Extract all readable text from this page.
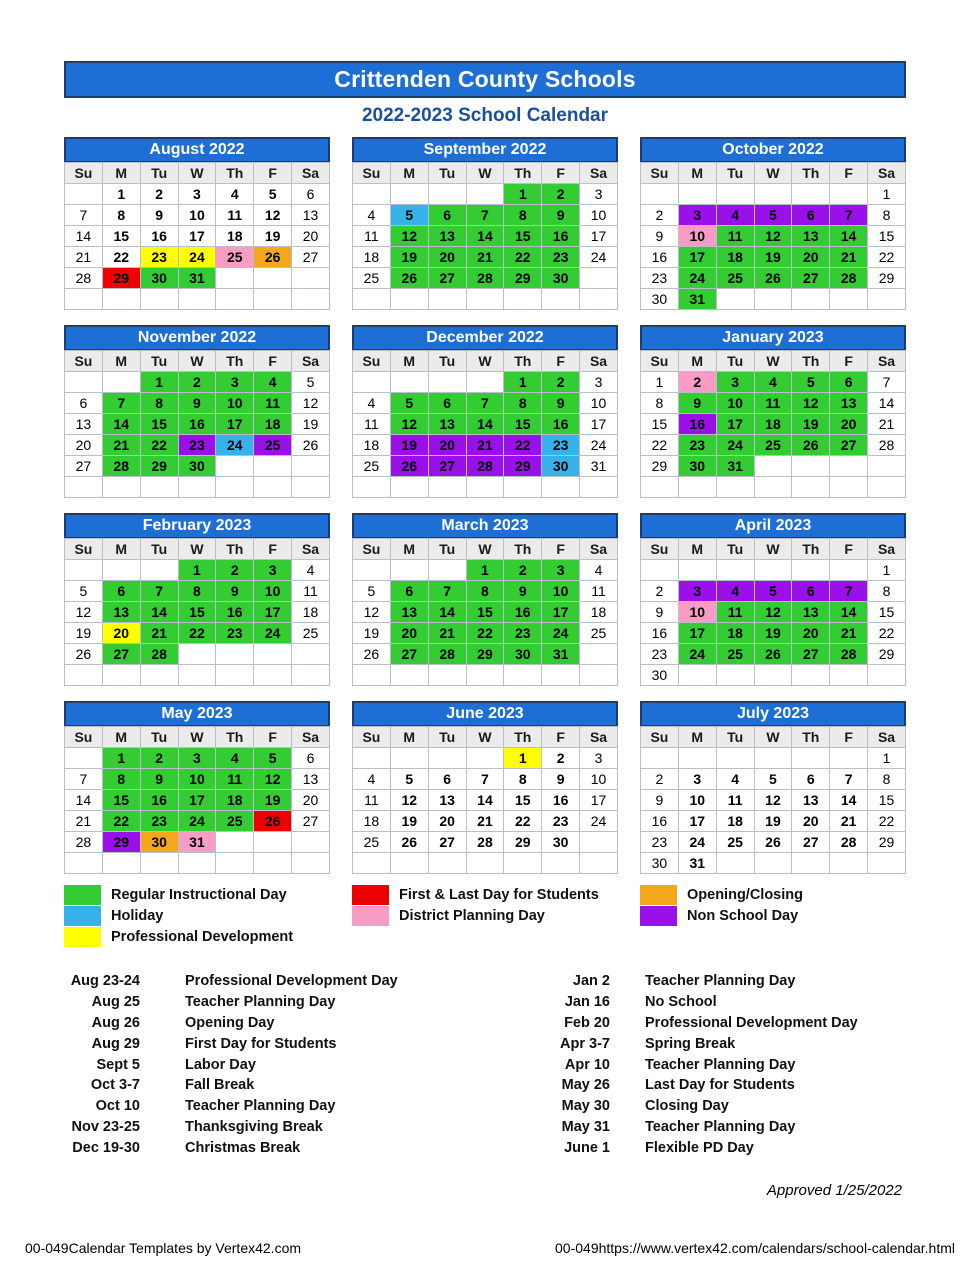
Crittenden County Schools
2022-2023 School Calendar
August 2022
Su	M	Tu	W	Th	F	Sa
	1	2	3	4	5	6
7	8	9	10	11	12	13
14	15	16	17	18	19	20
21	22	23	24	25	26	27
28	29	30	31			

September 2022
Su	M	Tu	W	Th	F	Sa
				1	2	3
4	5	6	7	8	9	10
11	12	13	14	15	16	17
18	19	20	21	22	23	24
25	26	27	28	29	30	

October 2022
Su	M	Tu	W	Th	F	Sa
						1
2	3	4	5	6	7	8
9	10	11	12	13	14	15
16	17	18	19	20	21	22
23	24	25	26	27	28	29
30	31					
November 2022
Su	M	Tu	W	Th	F	Sa
		1	2	3	4	5
6	7	8	9	10	11	12
13	14	15	16	17	18	19
20	21	22	23	24	25	26
27	28	29	30			

December 2022
Su	M	Tu	W	Th	F	Sa
				1	2	3
4	5	6	7	8	9	10
11	12	13	14	15	16	17
18	19	20	21	22	23	24
25	26	27	28	29	30	31

January 2023
Su	M	Tu	W	Th	F	Sa
1	2	3	4	5	6	7
8	9	10	11	12	13	14
15	16	17	18	19	20	21
22	23	24	25	26	27	28
29	30	31				

February 2023
Su	M	Tu	W	Th	F	Sa
			1	2	3	4
5	6	7	8	9	10	11
12	13	14	15	16	17	18
19	20	21	22	23	24	25
26	27	28				

March 2023
Su	M	Tu	W	Th	F	Sa
			1	2	3	4
5	6	7	8	9	10	11
12	13	14	15	16	17	18
19	20	21	22	23	24	25
26	27	28	29	30	31	

April 2023
Su	M	Tu	W	Th	F	Sa
						1
2	3	4	5	6	7	8
9	10	11	12	13	14	15
16	17	18	19	20	21	22
23	24	25	26	27	28	29
30						
May 2023
Su	M	Tu	W	Th	F	Sa
	1	2	3	4	5	6
7	8	9	10	11	12	13
14	15	16	17	18	19	20
21	22	23	24	25	26	27
28	29	30	31			

June 2023
Su	M	Tu	W	Th	F	Sa
				1	2	3
4	5	6	7	8	9	10
11	12	13	14	15	16	17
18	19	20	21	22	23	24
25	26	27	28	29	30	

July 2023
Su	M	Tu	W	Th	F	Sa
						1
2	3	4	5	6	7	8
9	10	11	12	13	14	15
16	17	18	19	20	21	22
23	24	25	26	27	28	29
30	31					
Regular Instructional Day
Holiday
Professional Development
First & Last Day for Students
District Planning Day
Opening/Closing
Non School Day
Aug 23-24	Professional Development Day
Aug 25	Teacher Planning Day
Aug 26	Opening Day
Aug 29	First Day for Students
Sept 5	Labor Day
Oct 3-7	Fall Break
Oct 10	Teacher Planning Day
Nov 23-25	Thanksgiving Break
Dec 19-30	Christmas Break
Jan 2 Teacher Planning Day
Jan 16 No School
Feb 20 Professional Development Day
Apr 3-7 Spring Break
Apr 10 Teacher Planning Day
May 26 Last Day for Students
May 30 Closing Day
May 31 Teacher Planning Day
June 1 Flexible PD Day
Approved 1/25/2022
00-049Calendar Templates by Vertex42.com	00-049https://www.vertex42.com/calendars/school-calendar.html
